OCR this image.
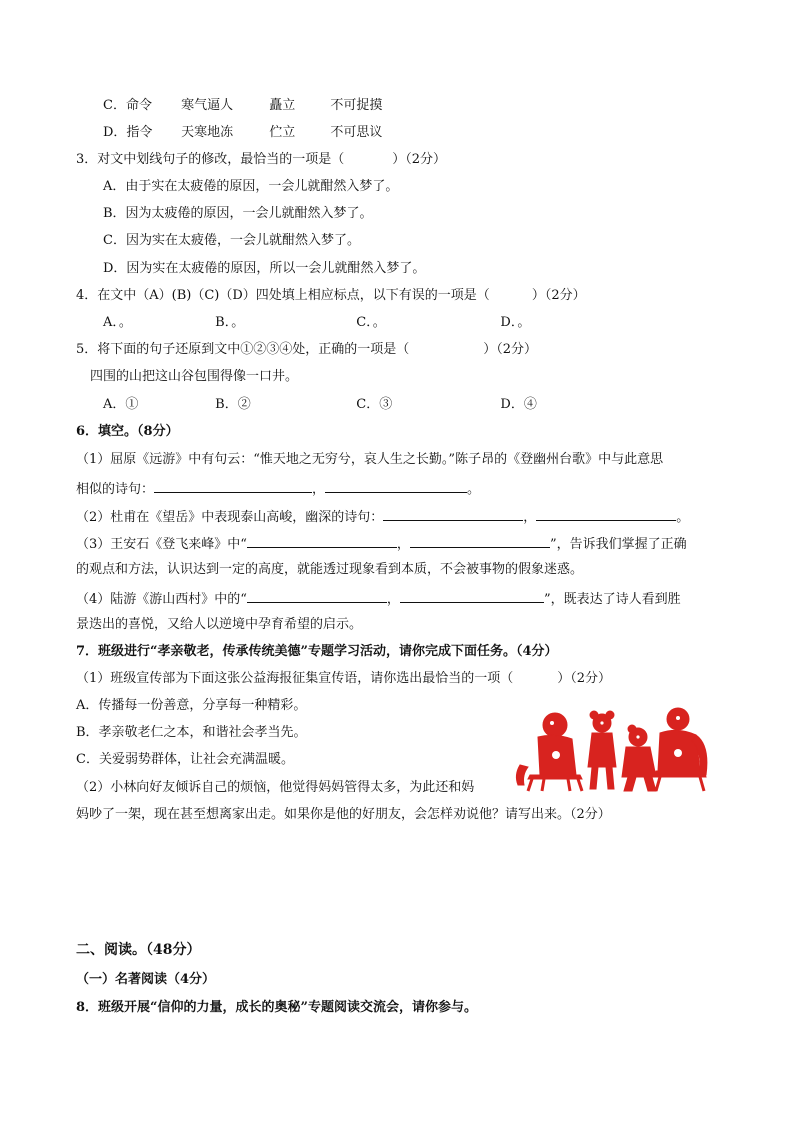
C．命令 寒气逼人	矗立	不可捉摸
D．指令 天寒地冻	伫立	不可思议
3．对文中划线句子的修改，最恰当的一项是（	）（2分）
A．由于实在太疲倦的原因，一会儿就酣然入梦了。
B．因为太疲倦的原因，一会儿就酣然入梦了。
C．因为实在太疲倦，一会儿就酣然入梦了。
D．因为实在太疲倦的原因，所以一会儿就酣然入梦了。
4．在文中（A）(B)（C)（D）四处填上相应标点，以下有误的一项是（	）（2分）
A．。	B．。	C．。	D．。
5．将下面的句子还原到文中①②③④处，正确的一项是（	）（2分）
四围的山把这山谷包围得像一口井。
A．①	B．②	C．③	D．④
6．填空。（8分）
（1）屈原《远游》中有句云：“惟天地之无穷兮，哀人生之长勤。”陈子昂的《登幽州台歌》中与此意思
相似的诗句：	，	。
（2）杜甫在《望岳》中表现泰山高峻，幽深的诗句：	，	。
（3）王安石《登飞来峰》中“	，	”，告诉我们掌握了正确
的观点和方法，认识达到一定的高度，就能透过现象看到本质，不会被事物的假象迷惑。
（4）陆游《游山西村》中的“	，	”，既表达了诗人看到胜
景迭出的喜悦，又给人以逆境中孕育希望的启示。
7．班级进行“孝亲敬老，传承传统美德”专题学习活动，请你完成下面任务。（4分）
（1）班级宣传部为下面这张公益海报征集宣传语，请你选出最恰当的一项（	）（2分）
A．传播每一份善意，分享每一种精彩。
B．孝亲敬老仁之本，和谐社会孝当先。
C．关爱弱势群体，让社会充满温暖。
（2）小林向好友倾诉自己的烦恼，他觉得妈妈管得太多，为此还和妈
妈吵了一架，现在甚至想离家出走。如果你是他的好朋友，会怎样劝说他？请写出来。（2分）
二、阅读。（48分）
（一）名著阅读（4分）
8．班级开展“信仰的力量，成长的奥秘”专题阅读交流会，请你参与。
